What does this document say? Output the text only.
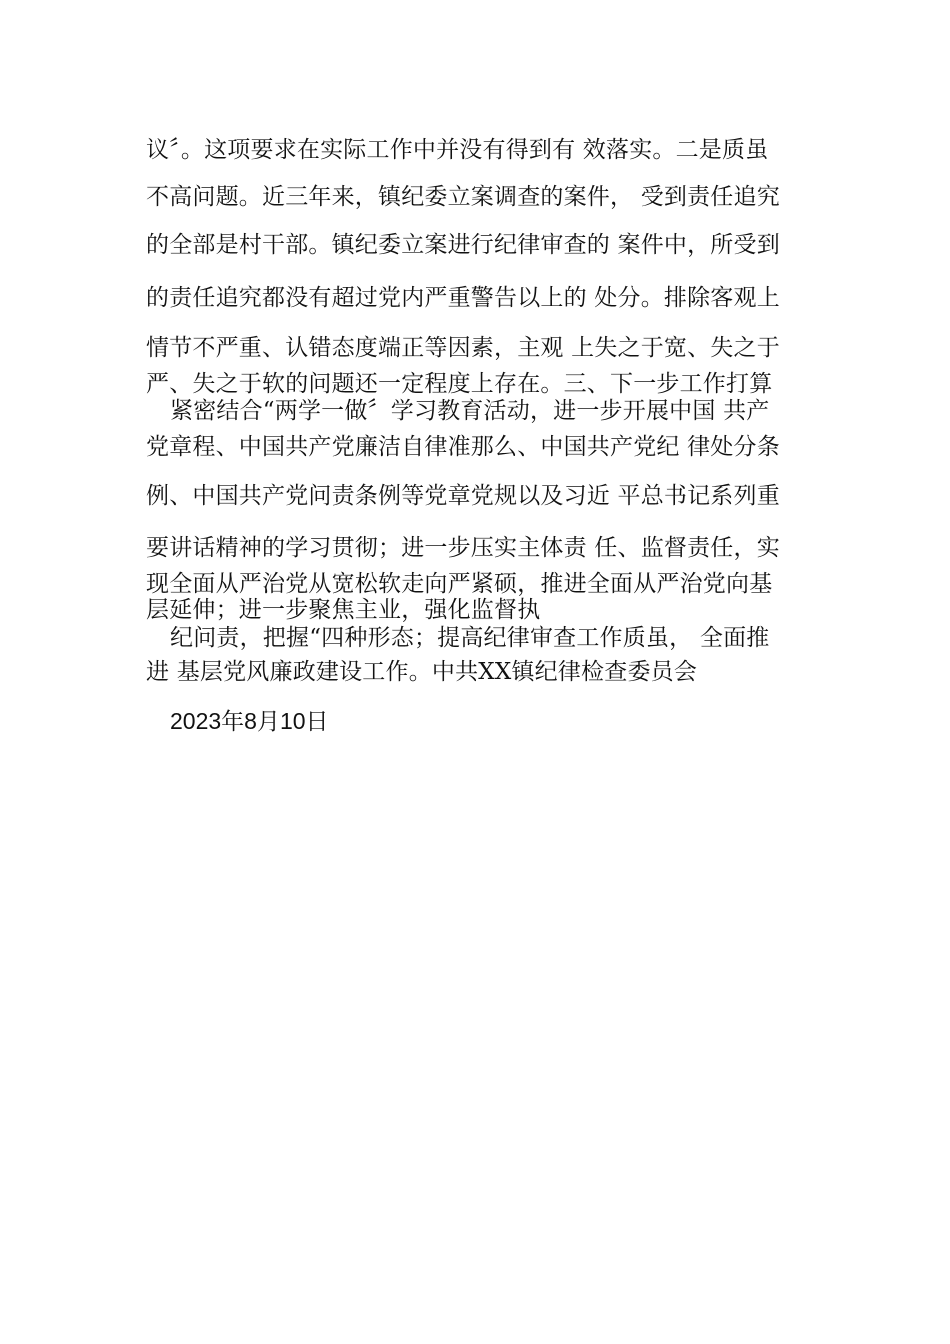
议〞。这项要求在实际工作中并没有得到有 效落实。二是质虽
不高问题。近三年来，镇纪委立案调查的案件， 受到责任追究
的全部是村干部。镇纪委立案进行纪律审查的 案件中，所受到
的责任追究都没有超过党内严重警告以上的 处分。排除客观上
情节不严重、认错态度端正等因素，主观 上失之于宽、失之于
严、失之于软的问题还一定程度上存在。三、下一步工作打算
紧密结合“两学一做〞学习教育活动，进一步开展中国 共产
党章程、中国共产党廉洁自律准那么、中国共产党纪 律处分条
例、中国共产党问责条例等党章党规以及习近 平总书记系列重
要讲话精神的学习贯彻；进一步压实主体责 任、监督责任，实
现全面从严治党从宽松软走向严紧硕，推进全面从严治党向基
层延伸；进一步聚焦主业，强化监督执
纪问责，把握“四种形态；提高纪律审查工作质虽， 全面推
进 基层党风廉政建设工作。中共XX镇纪律检查委员会
2023年8月10日
